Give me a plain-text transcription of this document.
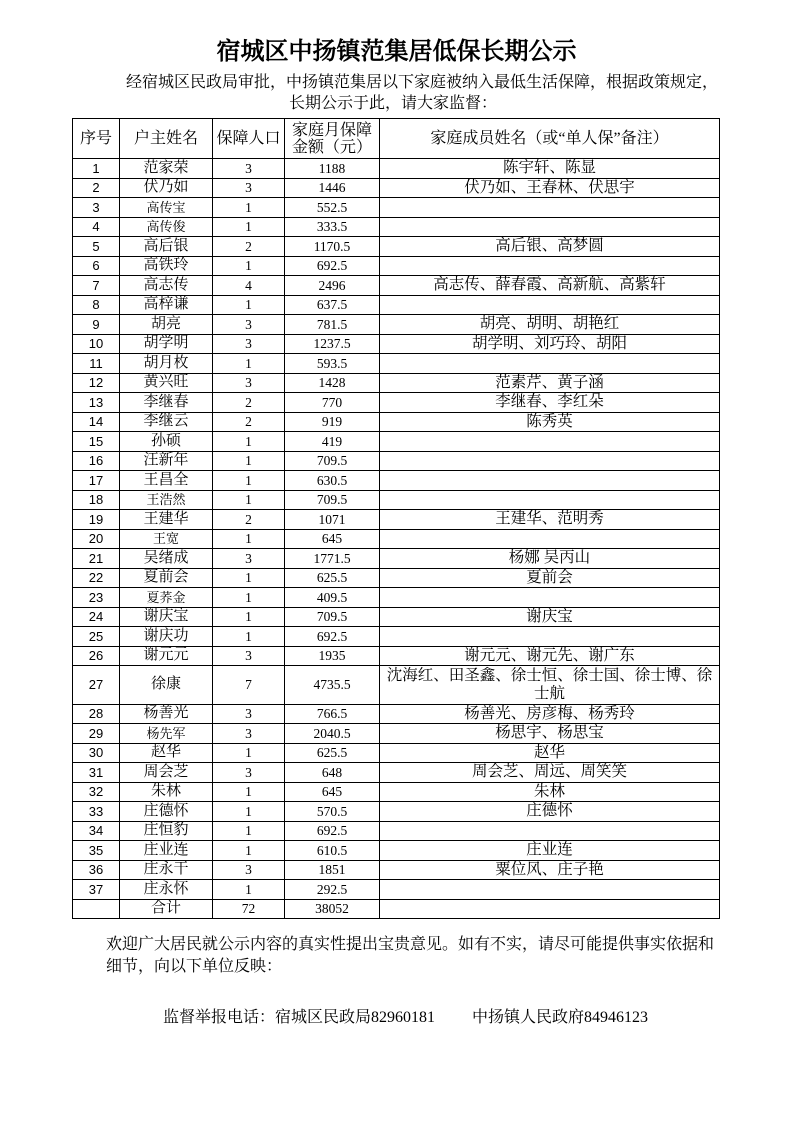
宿城区中扬镇范集居低保长期公示
经宿城区民政局审批，中扬镇范集居以下家庭被纳入最低生活保障，根据政策规定，
长期公示于此，请大家监督：
序号	户主姓名	保障人口	家庭月保障
金额（元）	家庭成员姓名（或“单人保”备注）
1	范家荣	3	1188	陈宇轩、陈显
2	伏乃如	3	1446	伏乃如、王春林、伏思宇
3	高传宝	1	552.5	
4	高传俊	1	333.5	
5	高后银	2	1170.5	高后银、高梦圆
6	高铁玲	1	692.5	
7	高志传	4	2496	高志传、薛春霞、高新航、高紫轩
8	高梓谦	1	637.5	
9	胡亮	3	781.5	胡亮、胡明、胡艳红
10	胡学明	3	1237.5	胡学明、刘巧玲、胡阳
11	胡月枚	1	593.5	
12	黄兴旺	3	1428	范素芹、黄子涵
13	李继春	2	770	李继春、李红朵
14	李继云	2	919	陈秀英
15	孙硕	1	419	
16	汪新年	1	709.5	
17	王昌全	1	630.5	
18	王浩然	1	709.5	
19	王建华	2	1071	王建华、范明秀
20	王宽	1	645	
21	吴绪成	3	1771.5	杨娜 吴丙山
22	夏前会	1	625.5	夏前会
23	夏荞金	1	409.5	
24	谢庆宝	1	709.5	谢庆宝
25	谢庆功	1	692.5	
26	谢元元	3	1935	谢元元、谢元先、谢广东
27	徐康	7	4735.5	沈海红、田圣鑫、徐士恒、徐士国、徐士博、徐士航
28	杨善光	3	766.5	杨善光、房彦梅、杨秀玲
29	杨先军	3	2040.5	杨思宇、杨思宝
30	赵华	1	625.5	赵华
31	周会芝	3	648	周会芝、周远、周笑笑
32	朱林	1	645	朱林
33	庄德怀	1	570.5	庄德怀
34	庄恒豹	1	692.5	
35	庄业连	1	610.5	庄业连
36	庄永干	3	1851	粟位风、庄子艳
37	庄永怀	1	292.5	
	合计	72	38052	
欢迎广大居民就公示内容的真实性提出宝贵意见。如有不实，请尽可能提供事实依据和细节，向以下单位反映：
监督举报电话：宿城区民政局82960181 中扬镇人民政府84946123
